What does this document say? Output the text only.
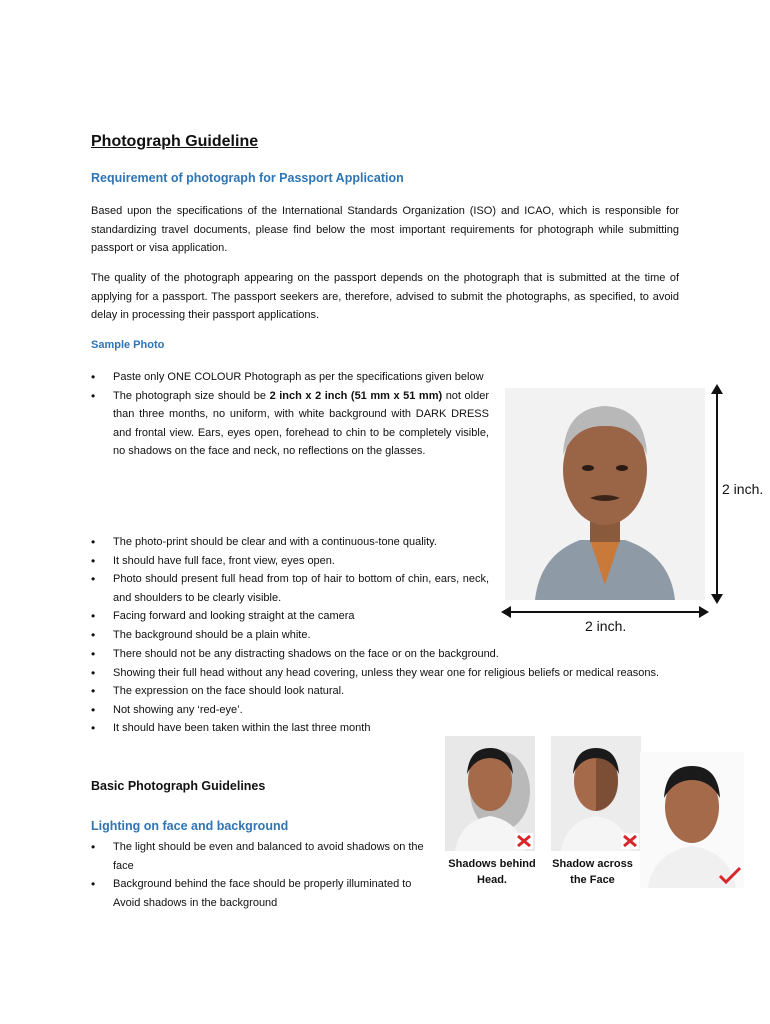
Photograph Guideline
Requirement of photograph for Passport Application

Based upon the specifications of the International Standards Organization (ISO) and ICAO, which is responsible for standardizing travel documents, please find below the most important requirements for photograph while submitting passport or visa application.

The quality of the photograph appearing on the passport depends on the photograph that is submitted at the time of applying for a passport. The passport seekers are, therefore, advised to submit the photographs, as specified, to avoid delay in processing their passport applications.

Sample Photo
• Paste only ONE COLOUR Photograph as per the specifications given below
• The photograph size should be 2 inch x 2 inch (51 mm x 51 mm) not older than three months, no uniform, with white background with DARK DRESS and frontal view. Ears, eyes open, forehead to chin to be completely visible, no shadows on the face and neck, no reflections on the glasses.
• The photo-print should be clear and with a continuous-tone quality.
• It should have full face, front view, eyes open.
• Photo should present full head from top of hair to bottom of chin, ears, neck, and shoulders to be clearly visible.
• Facing forward and looking straight at the camera
• The background should be a plain white.
• There should not be any distracting shadows on the face or on the background.
• Showing their full head without any head covering, unless they wear one for religious beliefs or medical reasons.
• The expression on the face should look natural.
• Not showing any ‘red-eye’.
• It should have been taken within the last three month
2 inch.
2 inch.
Basic Photograph Guidelines
Lighting on face and background
• The light should be even and balanced to avoid shadows on the face
• Background behind the face should be properly illuminated to Avoid shadows in the background
Shadows behind Head.
Shadow across the Face
